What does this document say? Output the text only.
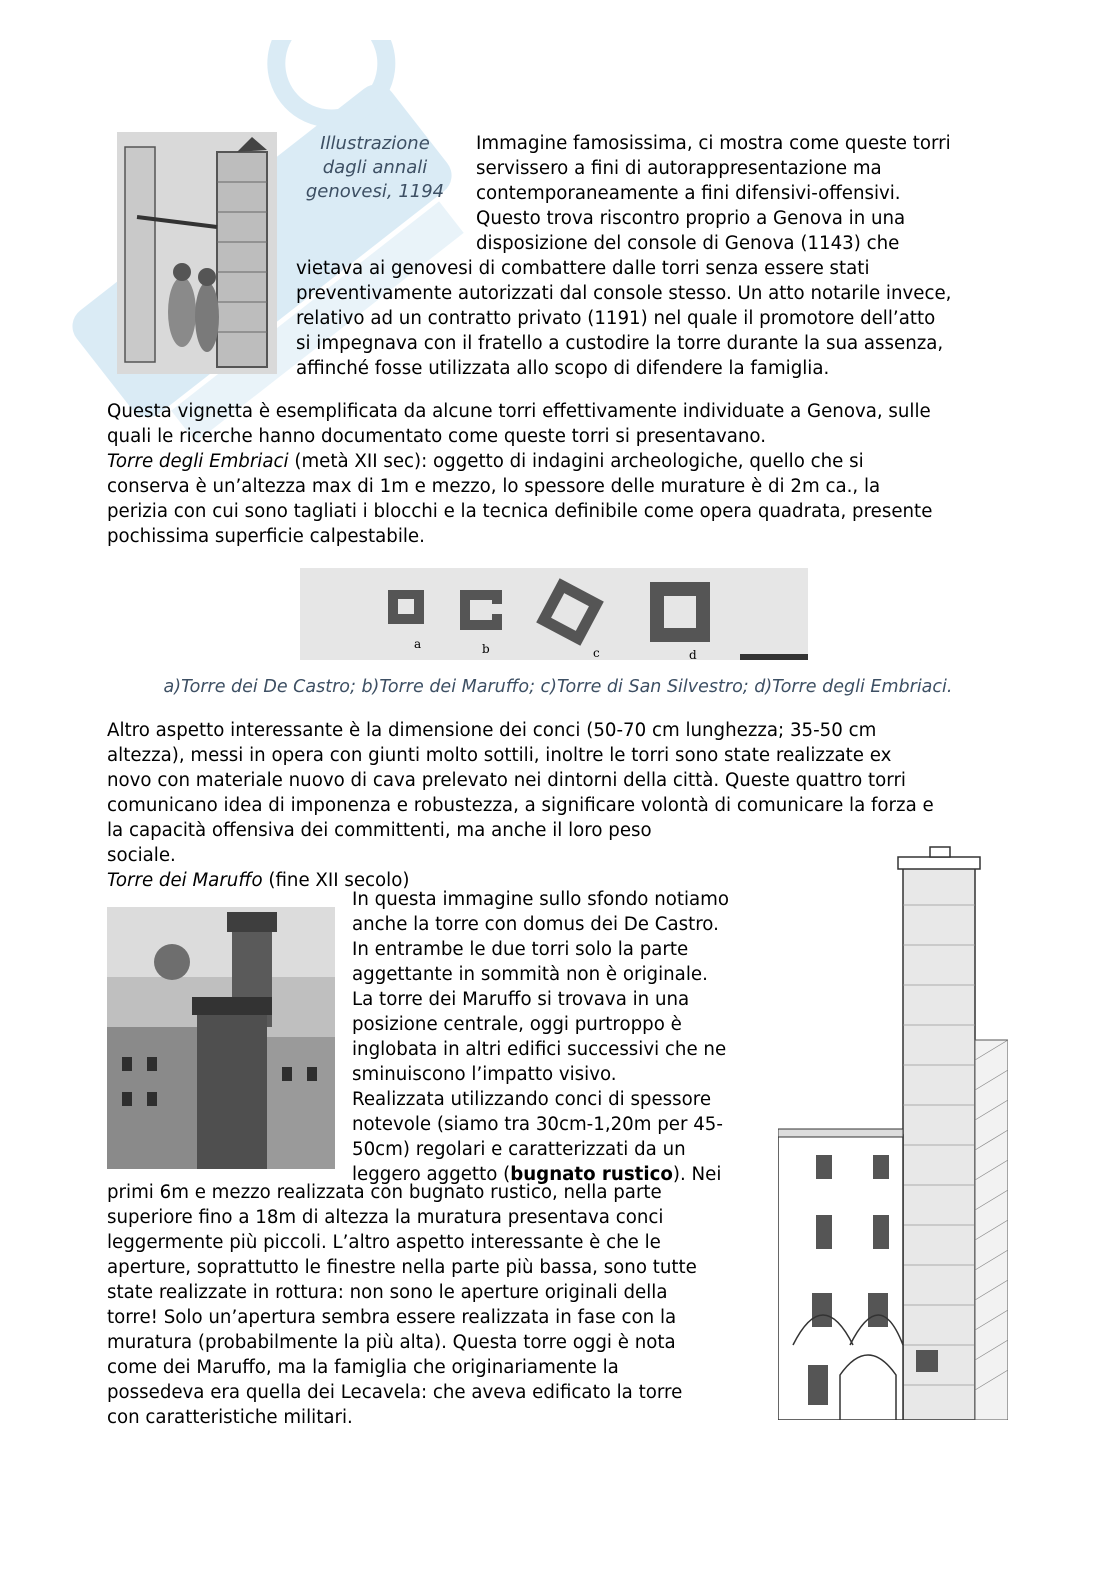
Illustrazione
dagli annali
genovesi, 1194
Immagine famosissima, ci mostra come queste torri
servissero a fini di autorappresentazione ma
contemporaneamente a fini difensivi-offensivi.
Questo trova riscontro proprio a Genova in una
disposizione del console di Genova (1143) che
vietava ai genovesi di combattere dalle torri senza essere stati
preventivamente autorizzati dal console stesso. Un atto notarile invece,
relativo ad un contratto privato (1191) nel quale il promotore dell’atto
si impegnava con il fratello a custodire la torre durante la sua assenza,
affinché fosse utilizzata allo scopo di difendere la famiglia.
Questa vignetta è esemplificata da alcune torri effettivamente individuate a Genova, sulle
quali le ricerche hanno documentato come queste torri si presentavano.
Torre degli Embriaci (metà XII sec): oggetto di indagini archeologiche, quello che si
conserva è un’altezza max di 1m e mezzo, lo spessore delle murature è di 2m ca., la
perizia con cui sono tagliati i blocchi e la tecnica definibile come opera quadrata, presente
pochissima superficie calpestabile.
a	b	c	d
a)Torre dei De Castro; b)Torre dei Maruffo; c)Torre di San Silvestro; d)Torre degli Embriaci.
Altro aspetto interessante è la dimensione dei conci (50-70 cm lunghezza; 35-50 cm
altezza), messi in opera con giunti molto sottili, inoltre le torri sono state realizzate ex
novo con materiale nuovo di cava prelevato nei dintorni della città. Queste quattro torri
comunicano idea di imponenza e robustezza, a significare volontà di comunicare la forza e
la capacità offensiva dei committenti, ma anche il loro peso
sociale.
Torre dei Maruffo (fine XII secolo)
In questa immagine sullo sfondo notiamo
anche la torre con domus dei De Castro.
In entrambe le due torri solo la parte
aggettante in sommità non è originale.
La torre dei Maruffo si trovava in una
posizione centrale, oggi purtroppo è
inglobata in altri edifici successivi che ne
sminuiscono l’impatto visivo.
Realizzata utilizzando conci di spessore
notevole (siamo tra 30cm-1,20m per 45-
50cm) regolari e caratterizzati da un
leggero aggetto (bugnato rustico). Nei
primi 6m e mezzo realizzata con bugnato rustico, nella parte
superiore fino a 18m di altezza la muratura presentava conci
leggermente più piccoli. L’altro aspetto interessante è che le
aperture, soprattutto le finestre nella parte più bassa, sono tutte
state realizzate in rottura: non sono le aperture originali della
torre! Solo un’apertura sembra essere realizzata in fase con la
muratura (probabilmente la più alta). Questa torre oggi è nota
come dei Maruffo, ma la famiglia che originariamente la
possedeva era quella dei Lecavela: che aveva edificato la torre
con caratteristiche militari.
